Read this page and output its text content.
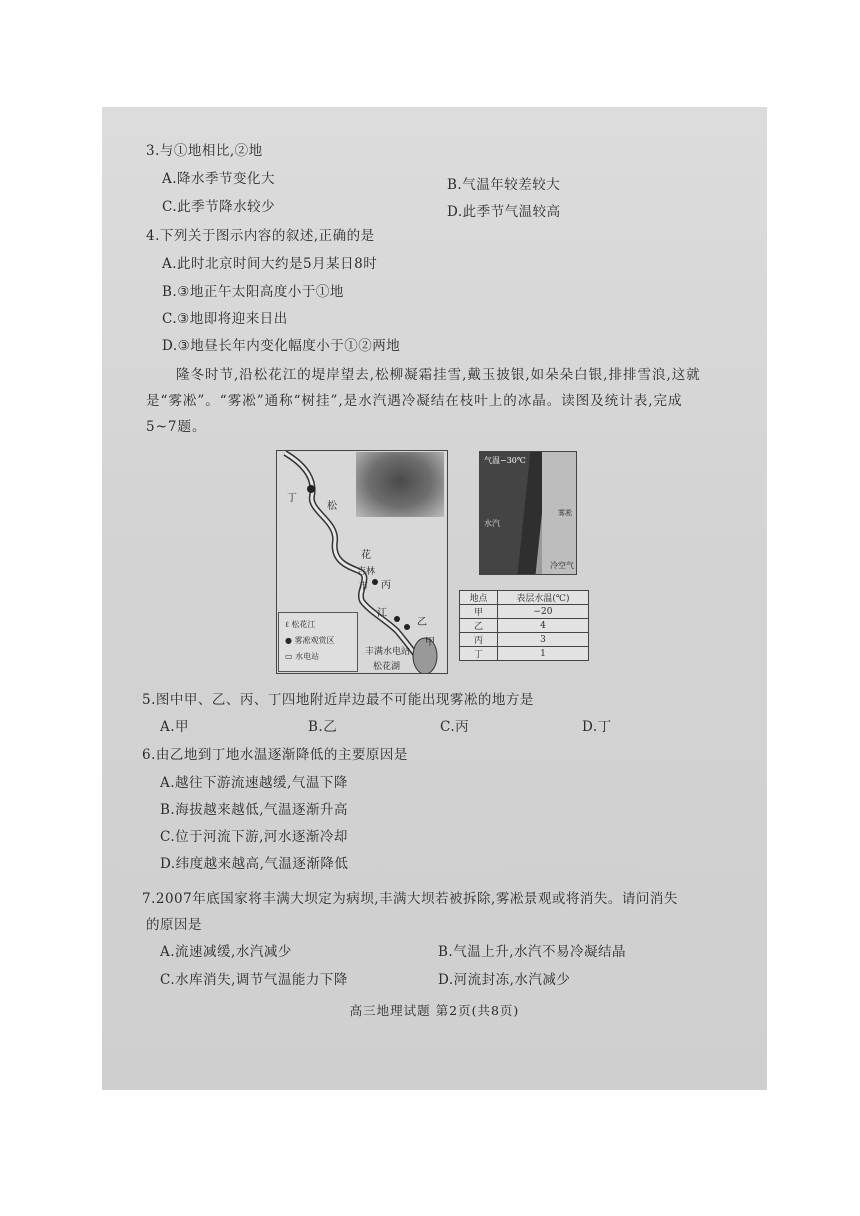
3.与①地相比,②地
A.降水季节变化大	B.气温年较差较大
C.此季节降水较少	D.此季节气温较高
4.下列关于图示内容的叙述,正确的是
A.此时北京时间大约是5月某日8时
B.③地正午太阳高度小于①地
C.③地即将迎来日出
D.③地昼长年内变化幅度小于①②两地
隆冬时节,沿松花江的堤岸望去,松柳凝霜挂雪,戴玉披银,如朵朵白银,排排雪浪,这就
是“雾凇”。“雾凇”通称“树挂”,是水汽遇冷凝结在枝叶上的冰晶。读图及统计表,完成
5~7题。
丁
松
花
吉林
市 丙
江
乙
甲
丰满水电站
松花湖
ℓ 松花江
● 雾凇观赏区
▭ 水电站
气温−30℃
水汽
雾凇
冷空气
地点	表层水温(℃)
甲	−20
乙	4
丙	3
丁	1
5.图中甲、乙、丙、丁四地附近岸边最不可能出现雾凇的地方是
A.甲	B.乙	C.丙	D.丁
6.由乙地到丁地水温逐渐降低的主要原因是
A.越往下游流速越缓,气温下降
B.海拔越来越低,气温逐渐升高
C.位于河流下游,河水逐渐冷却
D.纬度越来越高,气温逐渐降低
7.2007年底国家将丰满大坝定为病坝,丰满大坝若被拆除,雾凇景观或将消失。请问消失
的原因是
A.流速减缓,水汽减少	B.气温上升,水汽不易冷凝结晶
C.水库消失,调节气温能力下降	D.河流封冻,水汽减少
高三地理试题 第2页(共8页)
